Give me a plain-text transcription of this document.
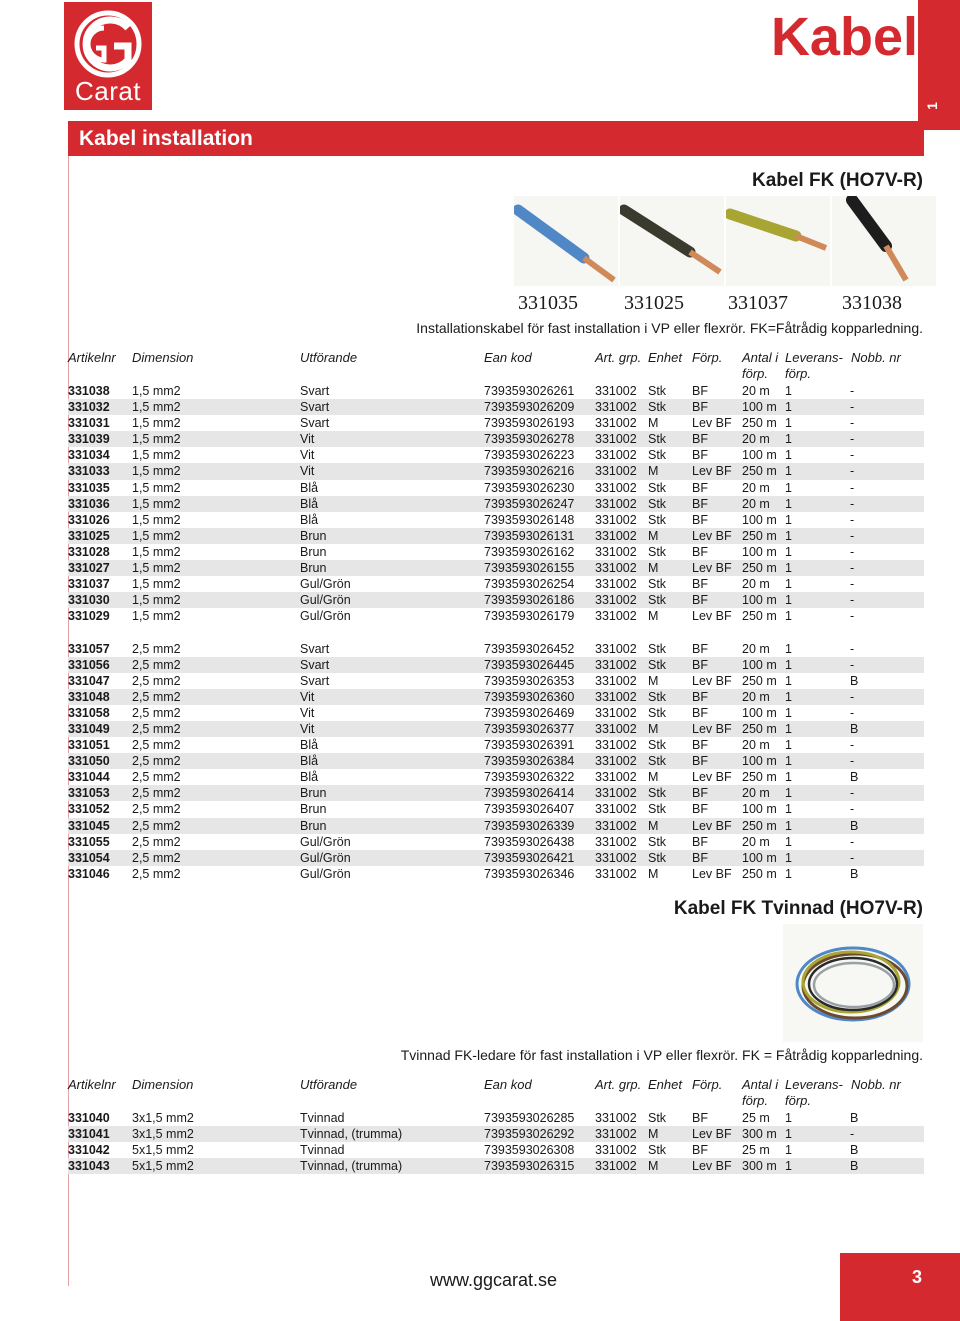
Carat
Kabel
1
Kabel installation
Kabel FK (HO7V-R)
331035 331025 331037	331038
Installationskabel för fast installation i VP eller flexrör. FK=Fåtrådig kopparledning.
Artikelnr Dimension	Utförande	Ean kod	Art. grp. Enhet Förp. Antal i
förp.
Leverans-
förp.
Nobb. nr
331038 1,5 mm2	Svart	7393593026261 331002 Stk BF	20 m 1	-
331032 1,5 mm2	Svart	7393593026209 331002 Stk BF	100 m 1	-
331031 1,5 mm2	Svart	7393593026193 331002 M	Lev BF 250 m 1	-
331039 1,5 mm2	Vit	7393593026278 331002 Stk BF	20 m 1	-
331034 1,5 mm2	Vit	7393593026223 331002 Stk BF	100 m 1	-
331033 1,5 mm2	Vit	7393593026216 331002 M	Lev BF 250 m 1	-
331035 1,5 mm2	Blå	7393593026230 331002 Stk BF	20 m 1	-
331036 1,5 mm2	Blå	7393593026247 331002 Stk BF	20 m 1	-
331026 1,5 mm2	Blå	7393593026148 331002 Stk BF	100 m 1	-
331025 1,5 mm2	Brun	7393593026131 331002 M	Lev BF 250 m 1	-
331028 1,5 mm2	Brun	7393593026162 331002 Stk BF	100 m 1	-
331027 1,5 mm2	Brun	7393593026155 331002 M	Lev BF 250 m 1	-
331037 1,5 mm2	Gul/Grön	7393593026254 331002 Stk BF	20 m 1	-
331030 1,5 mm2	Gul/Grön	7393593026186 331002 Stk BF	100 m 1	-
331029 1,5 mm2	Gul/Grön	7393593026179 331002 M	Lev BF 250 m 1	-
331057 2,5 mm2	Svart	7393593026452 331002 Stk BF	20 m 1	-
331056 2,5 mm2	Svart	7393593026445 331002 Stk BF	100 m 1	-
331047 2,5 mm2	Svart	7393593026353 331002 M	Lev BF 250 m 1	B
331048 2,5 mm2	Vit	7393593026360 331002 Stk BF	20 m 1	-
331058 2,5 mm2	Vit	7393593026469 331002 Stk BF	100 m 1	-
331049 2,5 mm2	Vit	7393593026377 331002 M	Lev BF 250 m 1	B
331051 2,5 mm2	Blå	7393593026391 331002 Stk BF	20 m 1	-
331050 2,5 mm2	Blå	7393593026384 331002 Stk BF	100 m 1	-
331044 2,5 mm2	Blå	7393593026322 331002 M	Lev BF 250 m 1	B
331053 2,5 mm2	Brun	7393593026414 331002 Stk BF	20 m 1	-
331052 2,5 mm2	Brun	7393593026407 331002 Stk BF	100 m 1	-
331045 2,5 mm2	Brun	7393593026339 331002 M	Lev BF 250 m 1	B
331055 2,5 mm2	Gul/Grön	7393593026438 331002 Stk BF	20 m 1	-
331054 2,5 mm2	Gul/Grön	7393593026421 331002 Stk BF	100 m 1	-
331046 2,5 mm2	Gul/Grön	7393593026346 331002 M	Lev BF 250 m 1	B
Kabel FK Tvinnad (HO7V-R)
Tvinnad FK-ledare för fast installation i VP eller flexrör. FK = Fåtrådig kopparledning.
Artikelnr Dimension	Utförande	Ean kod	Art. grp. Enhet Förp. Antal i
förp.
Leverans-
förp.
Nobb. nr
331040 3x1,5 mm2	Tvinnad	7393593026285 331002 Stk BF	25 m 1	B
331041 3x1,5 mm2	Tvinnad, (trumma)	7393593026292 331002 M	Lev BF 300 m 1	-
331042 5x1,5 mm2	Tvinnad	7393593026308 331002 Stk BF	25 m 1	B
331043 5x1,5 mm2	Tvinnad, (trumma)	7393593026315 331002 M	Lev BF 300 m 1	B
www.ggcarat.se	3
